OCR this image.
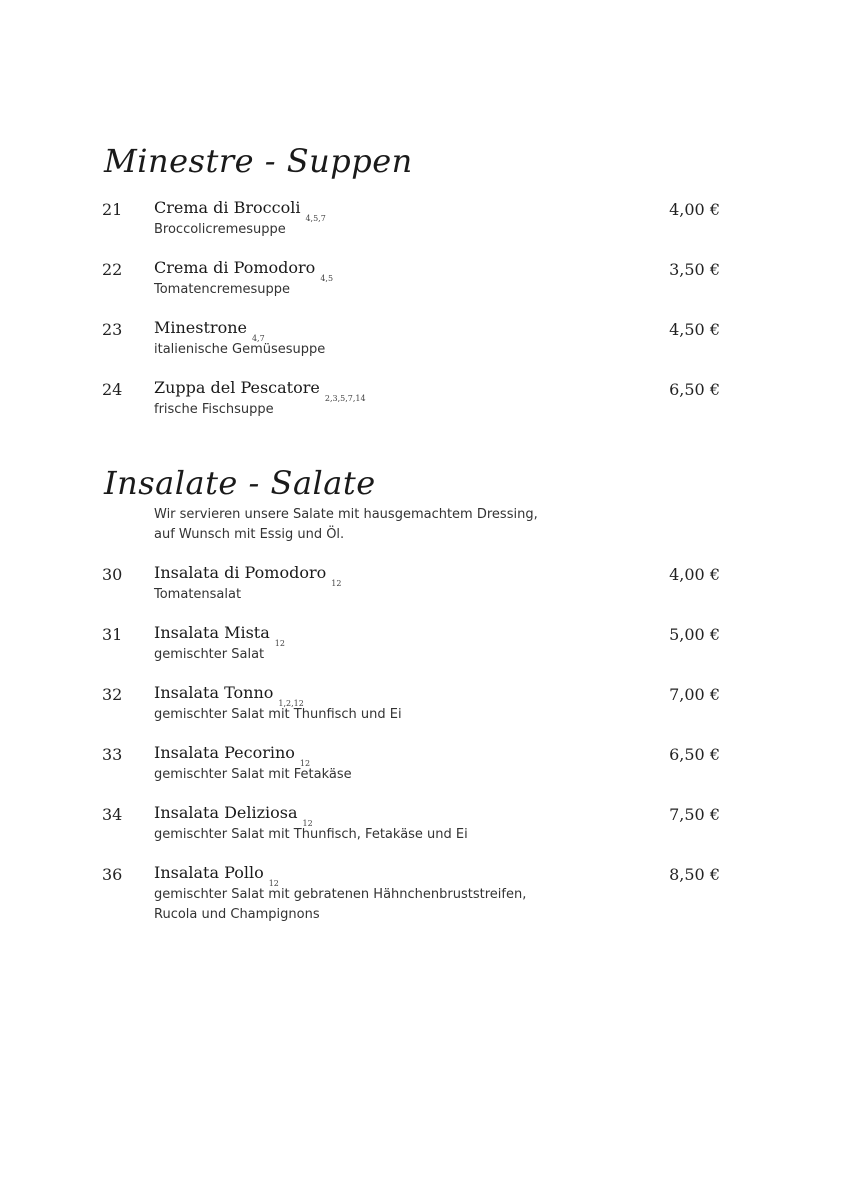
Minestre - Suppen
21 Crema di Broccoli$_{4,5,7}$
Broccolicremesuppe
4,00 €
22 Crema di Pomodoro$_{4,5}$
Tomatencremesuppe
3,50 €
23 Minestrone$_{4,7}$
italienische Gemüsesuppe
4,50 €
24 Zuppa del Pescatore$_{2,3,5,7,14}$
frische Fischsuppe
6,50 €
Insalate - Salate
Wir servieren unsere Salate mit hausgemachtem Dressing,
auf Wunsch mit Essig und Öl.
30 Insalata di Pomodoro$_{12}$
Tomatensalat
4,00 €
31 Insalata Mista$_{12}$
gemischter Salat
5,00 €
32 Insalata Tonno$_{1,2,12}$
gemischter Salat mit Thunfisch und Ei
7,00 €
33 Insalata Pecorino$_{12}$
gemischter Salat mit Fetakäse
6,50 €
34 Insalata Deliziosa$_{12}$
gemischter Salat mit Thunfisch, Fetakäse und Ei
7,50 €
36 Insalata Pollo$_{12}$
gemischter Salat mit gebratenen Hähnchenbruststreifen,
Rucola und Champignons
8,50 €
